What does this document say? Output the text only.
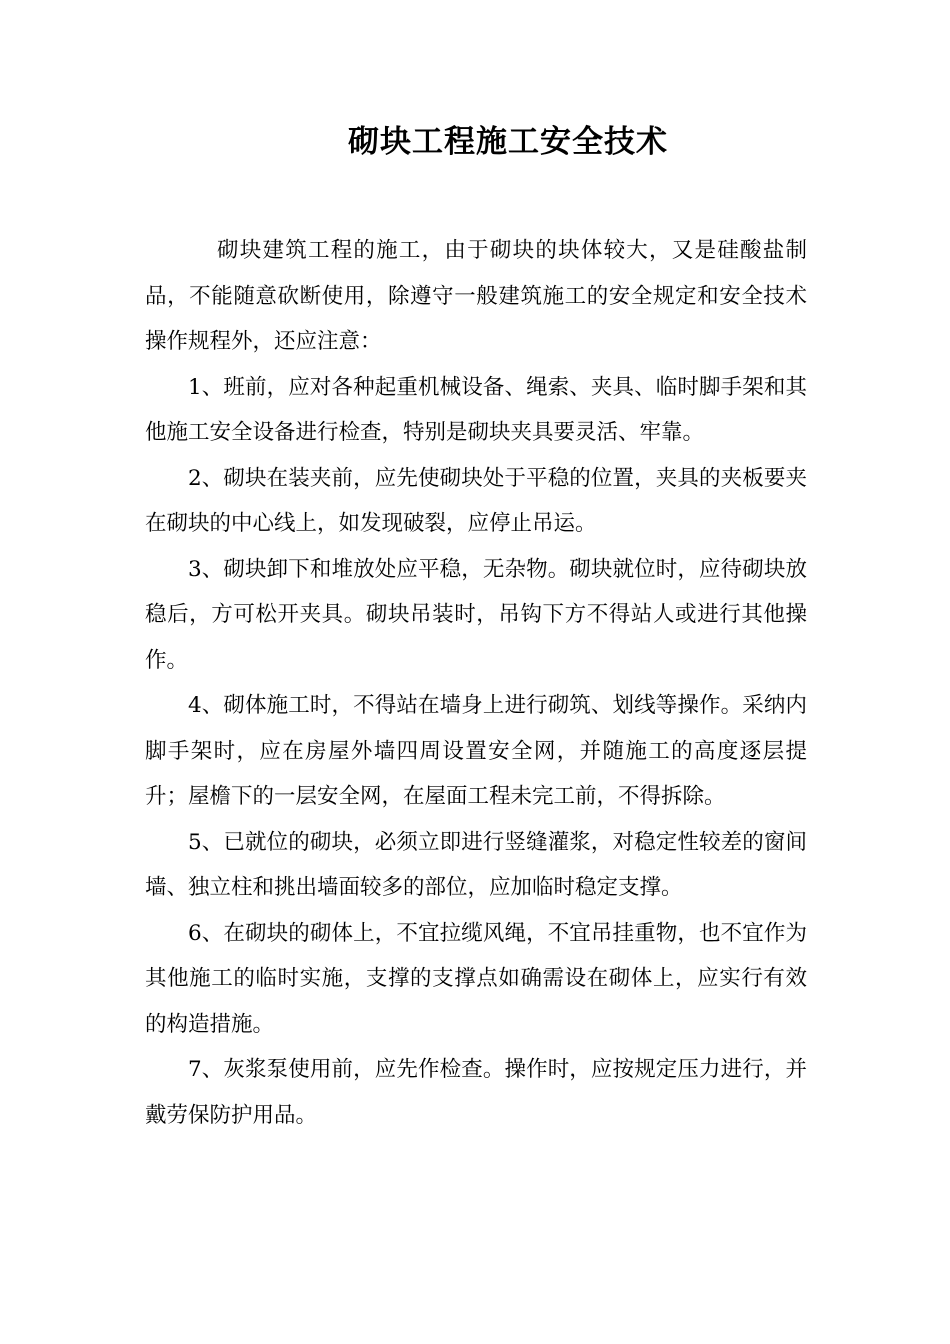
砌块工程施工安全技术

砌块建筑工程的施工，由于砌块的块体较大，又是硅酸盐制品，不能随意砍断使用，除遵守一般建筑施工的安全规定和安全技术操作规程外，还应注意：

1、班前，应对各种起重机械设备、绳索、夹具、临时脚手架和其他施工安全设备进行检查，特别是砌块夹具要灵活、牢靠。

2、砌块在装夹前，应先使砌块处于平稳的位置，夹具的夹板要夹在砌块的中心线上，如发现破裂，应停止吊运。

3、砌块卸下和堆放处应平稳，无杂物。砌块就位时，应待砌块放稳后，方可松开夹具。砌块吊装时，吊钩下方不得站人或进行其他操作。

4、砌体施工时，不得站在墙身上进行砌筑、划线等操作。采纳内脚手架时，应在房屋外墙四周设置安全网，并随施工的高度逐层提升；屋檐下的一层安全网，在屋面工程未完工前，不得拆除。

5、已就位的砌块，必须立即进行竖缝灌浆，对稳定性较差的窗间墙、独立柱和挑出墙面较多的部位，应加临时稳定支撑。

6、在砌块的砌体上，不宜拉缆风绳，不宜吊挂重物，也不宜作为其他施工的临时实施，支撑的支撑点如确需设在砌体上，应实行有效的构造措施。

7、灰浆泵使用前，应先作检查。操作时，应按规定压力进行，并戴劳保防护用品。
